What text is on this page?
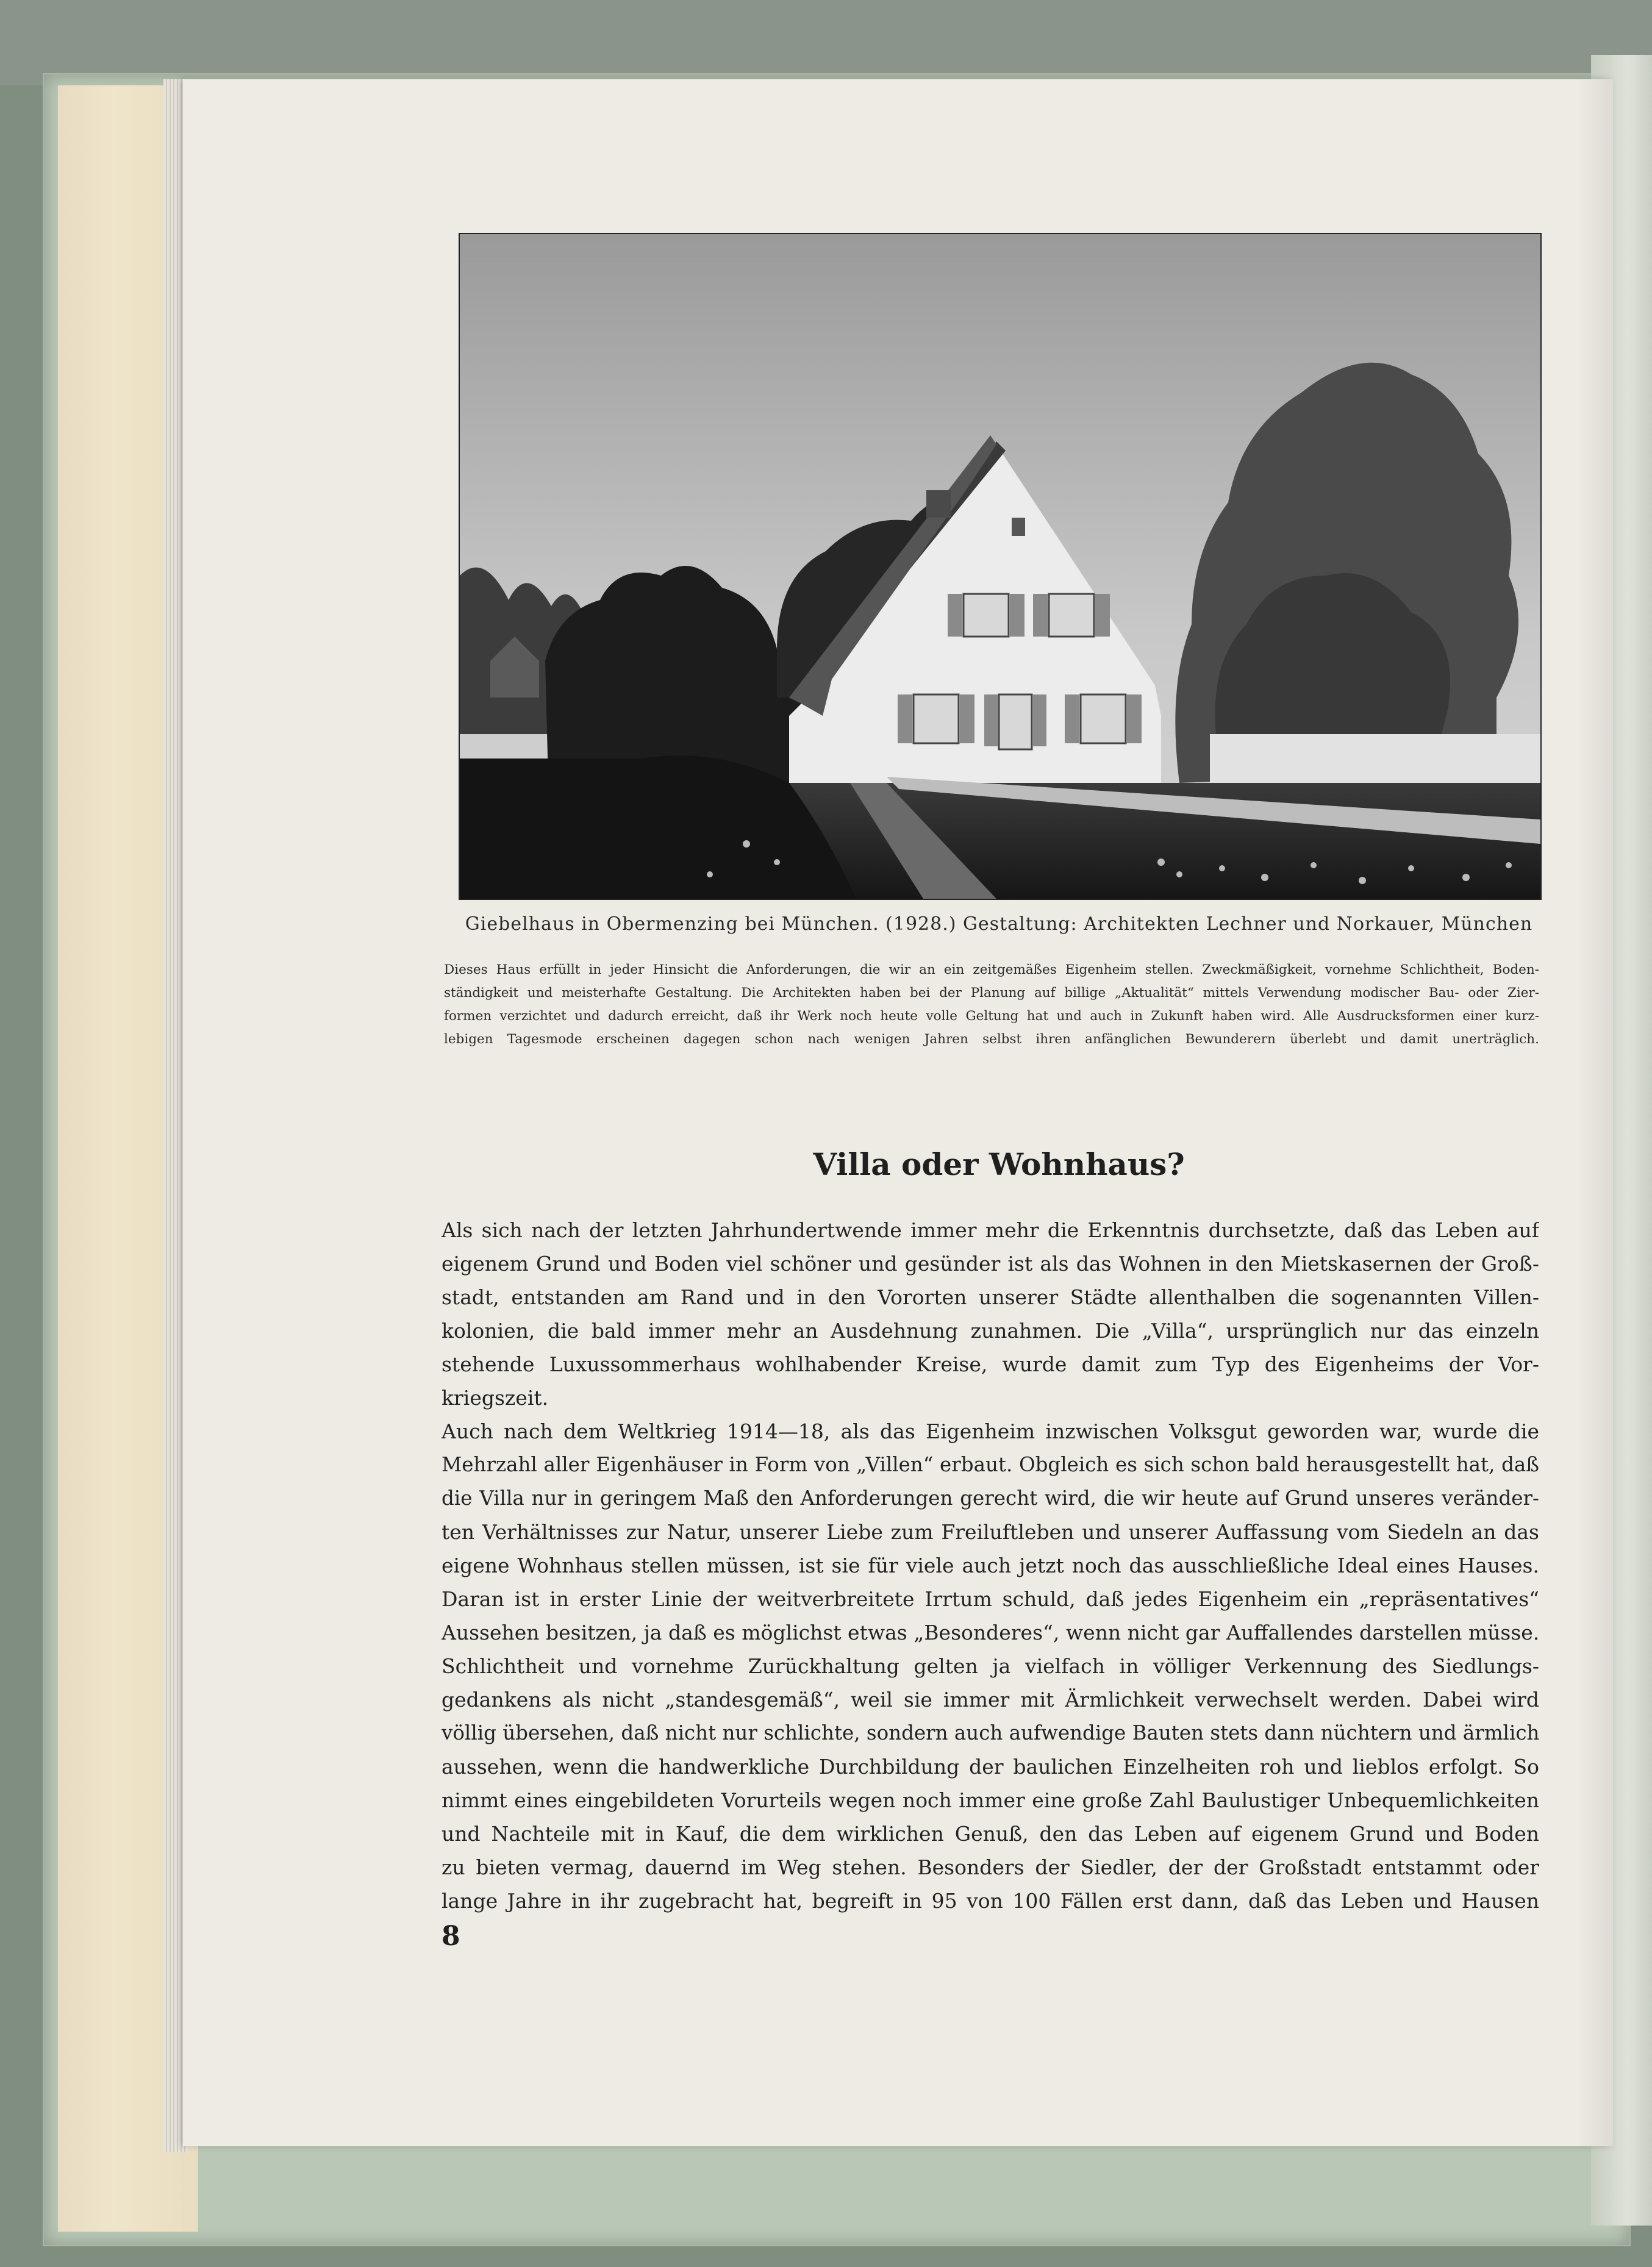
Giebelhaus in Obermenzing bei München. (1928.) Gestaltung: Architekten Lechner und Norkauer, München
Dieses Haus erfüllt in jeder Hinsicht die Anforderungen, die wir an ein zeitgemäßes Eigenheim stellen. Zweckmäßigkeit, vornehme Schlichtheit, Boden-
ständigkeit und meisterhafte Gestaltung. Die Architekten haben bei der Planung auf billige „Aktualität“ mittels Verwendung modischer Bau- oder Zier-
formen verzichtet und dadurch erreicht, daß ihr Werk noch heute volle Geltung hat und auch in Zukunft haben wird. Alle Ausdrucksformen einer kurz-
lebigen Tagesmode erscheinen dagegen schon nach wenigen Jahren selbst ihren anfänglichen Bewunderern überlebt und damit unerträglich.
Villa oder Wohnhaus?
Als sich nach der letzten Jahrhundertwende immer mehr die Erkenntnis durchsetzte, daß das Leben auf
eigenem Grund und Boden viel schöner und gesünder ist als das Wohnen in den Mietskasernen der Groß-
stadt, entstanden am Rand und in den Vororten unserer Städte allenthalben die sogenannten Villen-
kolonien, die bald immer mehr an Ausdehnung zunahmen. Die „Villa“, ursprünglich nur das einzeln
stehende Luxussommerhaus wohlhabender Kreise, wurde damit zum Typ des Eigenheims der Vor-
kriegszeit.
Auch nach dem Weltkrieg 1914—18, als das Eigenheim inzwischen Volksgut geworden war, wurde die
Mehrzahl aller Eigenhäuser in Form von „Villen“ erbaut. Obgleich es sich schon bald herausgestellt hat, daß
die Villa nur in geringem Maß den Anforderungen gerecht wird, die wir heute auf Grund unseres veränder-
ten Verhältnisses zur Natur, unserer Liebe zum Freiluftleben und unserer Auffassung vom Siedeln an das
eigene Wohnhaus stellen müssen, ist sie für viele auch jetzt noch das ausschließliche Ideal eines Hauses.
Daran ist in erster Linie der weitverbreitete Irrtum schuld, daß jedes Eigenheim ein „repräsentatives“
Aussehen besitzen, ja daß es möglichst etwas „Besonderes“, wenn nicht gar Auffallendes darstellen müsse.
Schlichtheit und vornehme Zurückhaltung gelten ja vielfach in völliger Verkennung des Siedlungs-
gedankens als nicht „standesgemäß“, weil sie immer mit Ärmlichkeit verwechselt werden. Dabei wird
völlig übersehen, daß nicht nur schlichte, sondern auch aufwendige Bauten stets dann nüchtern und ärmlich
aussehen, wenn die handwerkliche Durchbildung der baulichen Einzelheiten roh und lieblos erfolgt. So
nimmt eines eingebildeten Vorurteils wegen noch immer eine große Zahl Baulustiger Unbequemlichkeiten
und Nachteile mit in Kauf, die dem wirklichen Genuß, den das Leben auf eigenem Grund und Boden
zu bieten vermag, dauernd im Weg stehen. Besonders der Siedler, der der Großstadt entstammt oder
lange Jahre in ihr zugebracht hat, begreift in 95 von 100 Fällen erst dann, daß das Leben und Hausen
8
